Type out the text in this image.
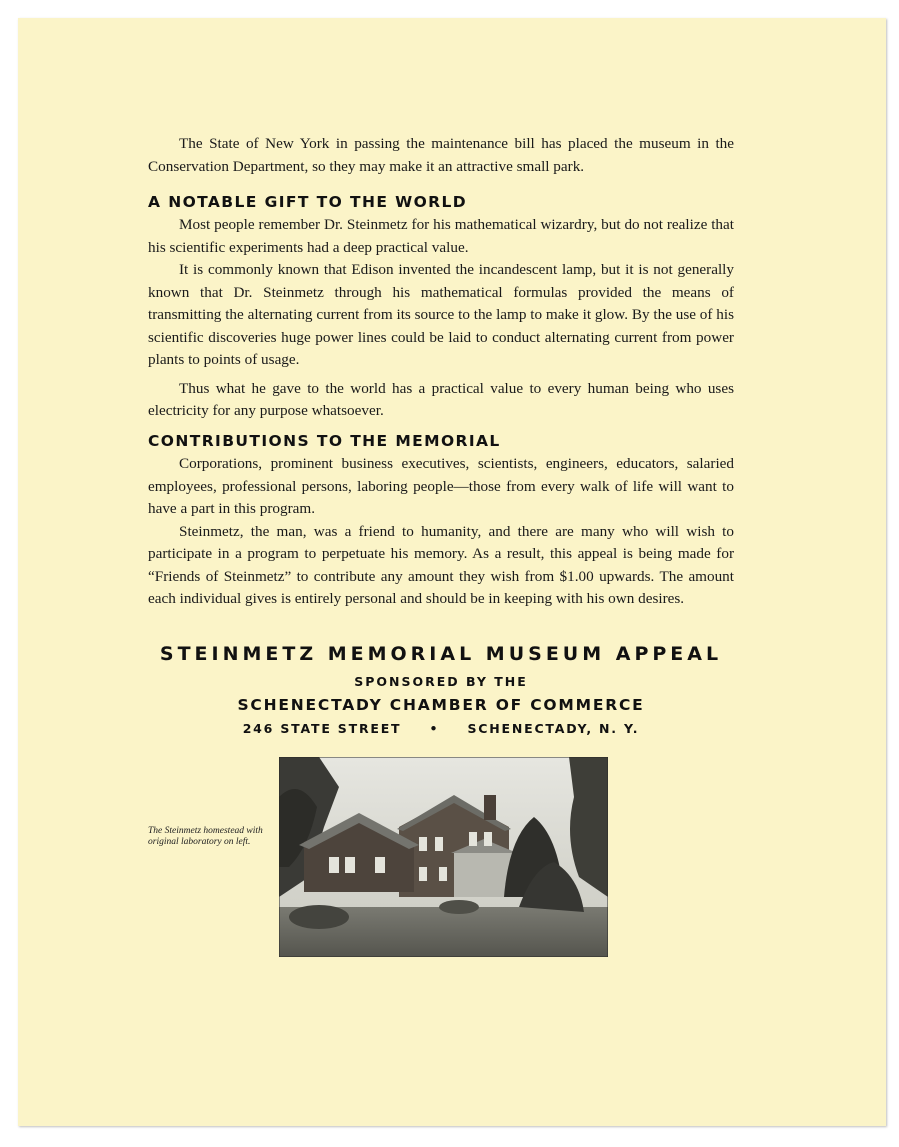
The State of New York in passing the maintenance bill has placed the museum in the Conservation Department, so they may make it an attractive small park.

A NOTABLE GIFT TO THE WORLD

Most people remember Dr. Steinmetz for his mathematical wizardry, but do not realize that his scientific experiments had a deep practical value.

It is commonly known that Edison invented the incandescent lamp, but it is not generally known that Dr. Steinmetz through his mathematical formulas provided the means of transmitting the alternating current from its source to the lamp to make it glow. By the use of his scientific discoveries huge power lines could be laid to conduct alternating current from power plants to points of usage.

Thus what he gave to the world has a practical value to every human being who uses electricity for any purpose whatsoever.

CONTRIBUTIONS TO THE MEMORIAL

Corporations, prominent business executives, scientists, engineers, educators, salaried employees, professional persons, laboring people—those from every walk of life will want to have a part in this program.

Steinmetz, the man, was a friend to humanity, and there are many who will wish to participate in a program to perpetuate his memory. As a result, this appeal is being made for “Friends of Steinmetz” to contribute any amount they wish from $1.00 upwards. The amount each individual gives is entirely personal and should be in keeping with his own desires.

STEINMETZ MEMORIAL MUSEUM APPEAL
SPONSORED BY THE
SCHENECTADY CHAMBER OF COMMERCE
246 STATE STREET • SCHENECTADY, N. Y.
The Steinmetz homestead with original laboratory on left.
